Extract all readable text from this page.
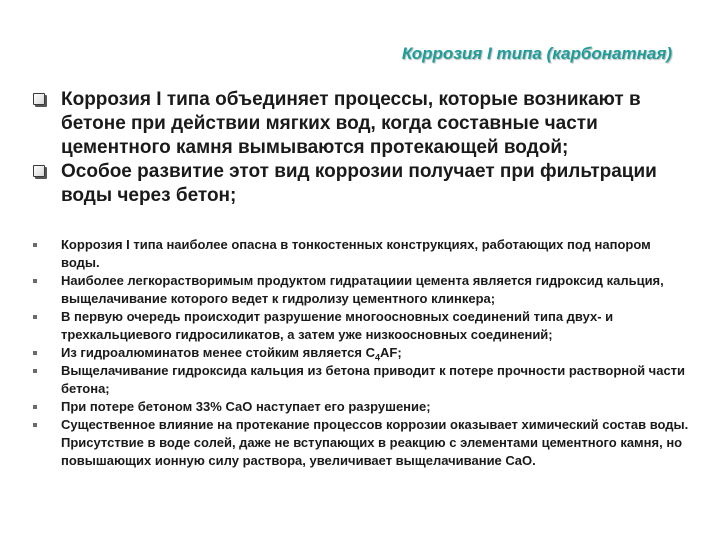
Коррозия I типа (карбонатная)
Коррозия I типа объединяет процессы, которые возникают в бетоне при действии мягких вод, когда составные части цементного камня вымываются протекающей водой;
Особое развитие этот вид коррозии получает при фильтрации воды через бетон;
Коррозия I типа наиболее опасна в тонкостенных конструкциях, работающих под напором воды.
Наиболее легкорастворимым продуктом гидратациии цемента является гидроксид кальция, выщелачивание которого ведет к гидролизу цементного клинкера;
В первую очередь происходит разрушение многоосновных соединений типа двух- и трехкальциевого гидросиликатов, а затем уже низкоосновных соединений;
Из гидроалюминатов менее стойким является $С_4AF$;
Выщелачивание гидроксида кальция из бетона приводит к потере прочности растворной части бетона;
При потере бетоном 33% СаО наступает его разрушение;
Существенное влияние на протекание процессов коррозии оказывает химический состав воды. Присутствие в воде солей, даже не вступающих в реакцию с элементами цементного камня, но повышающих ионную силу раствора, увеличивает выщелачивание CaO.
